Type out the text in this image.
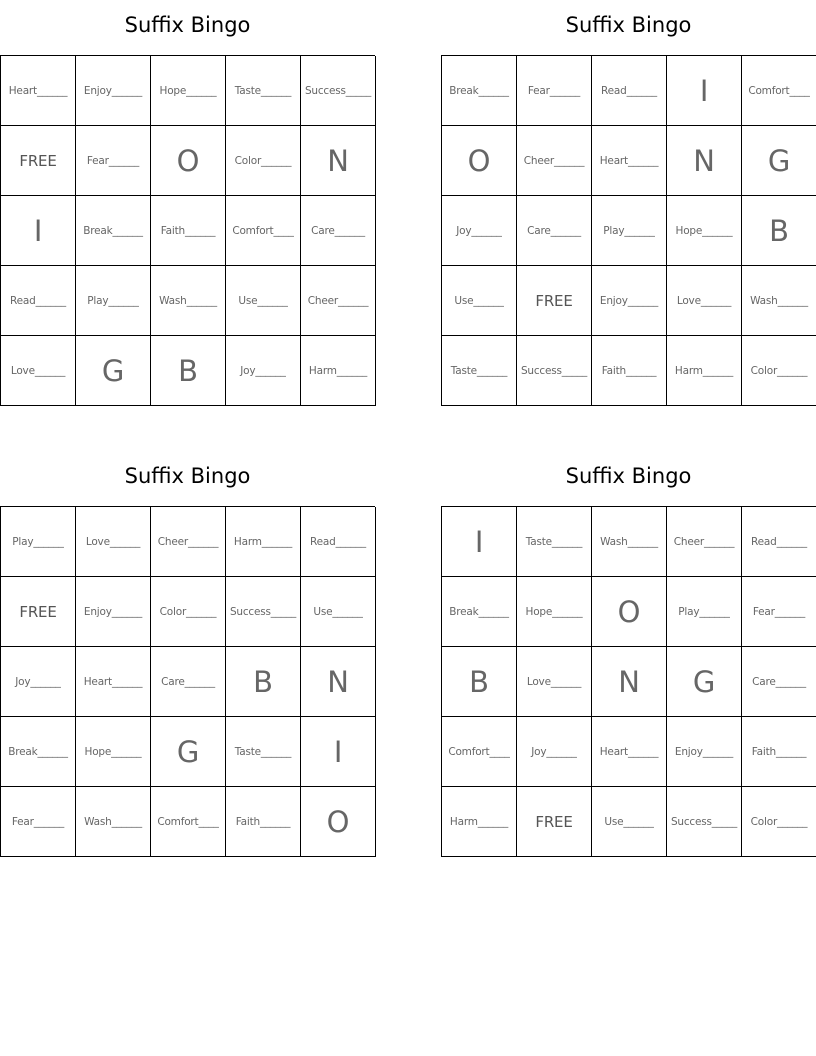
Suffix Bingo
Heart______	Enjoy______	Hope______	Taste______	Success_____
FREE	Fear______	O	Color______	N
I	Break______	Faith______	Comfort____	Care______
Read______	Play______	Wash______	Use______	Cheer______
Love______	G	B	Joy______	Harm______
Suffix Bingo
Break______	Fear______	Read______	I	Comfort____
O	Cheer______	Heart______	N	G
Joy______	Care______	Play______	Hope______	B
Use______	FREE	Enjoy______	Love______	Wash______
Taste______	Success_____	Faith______	Harm______	Color______
Suffix Bingo
Play______	Love______	Cheer______	Harm______	Read______
FREE	Enjoy______	Color______	Success_____	Use______
Joy______	Heart______	Care______	B	N
Break______	Hope______	G	Taste______	I
Fear______	Wash______	Comfort____	Faith______	O
Suffix Bingo
I	Taste______	Wash______	Cheer______	Read______
Break______	Hope______	O	Play______	Fear______
B	Love______	N	G	Care______
Comfort____	Joy______	Heart______	Enjoy______	Faith______
Harm______	FREE	Use______	Success_____	Color______
